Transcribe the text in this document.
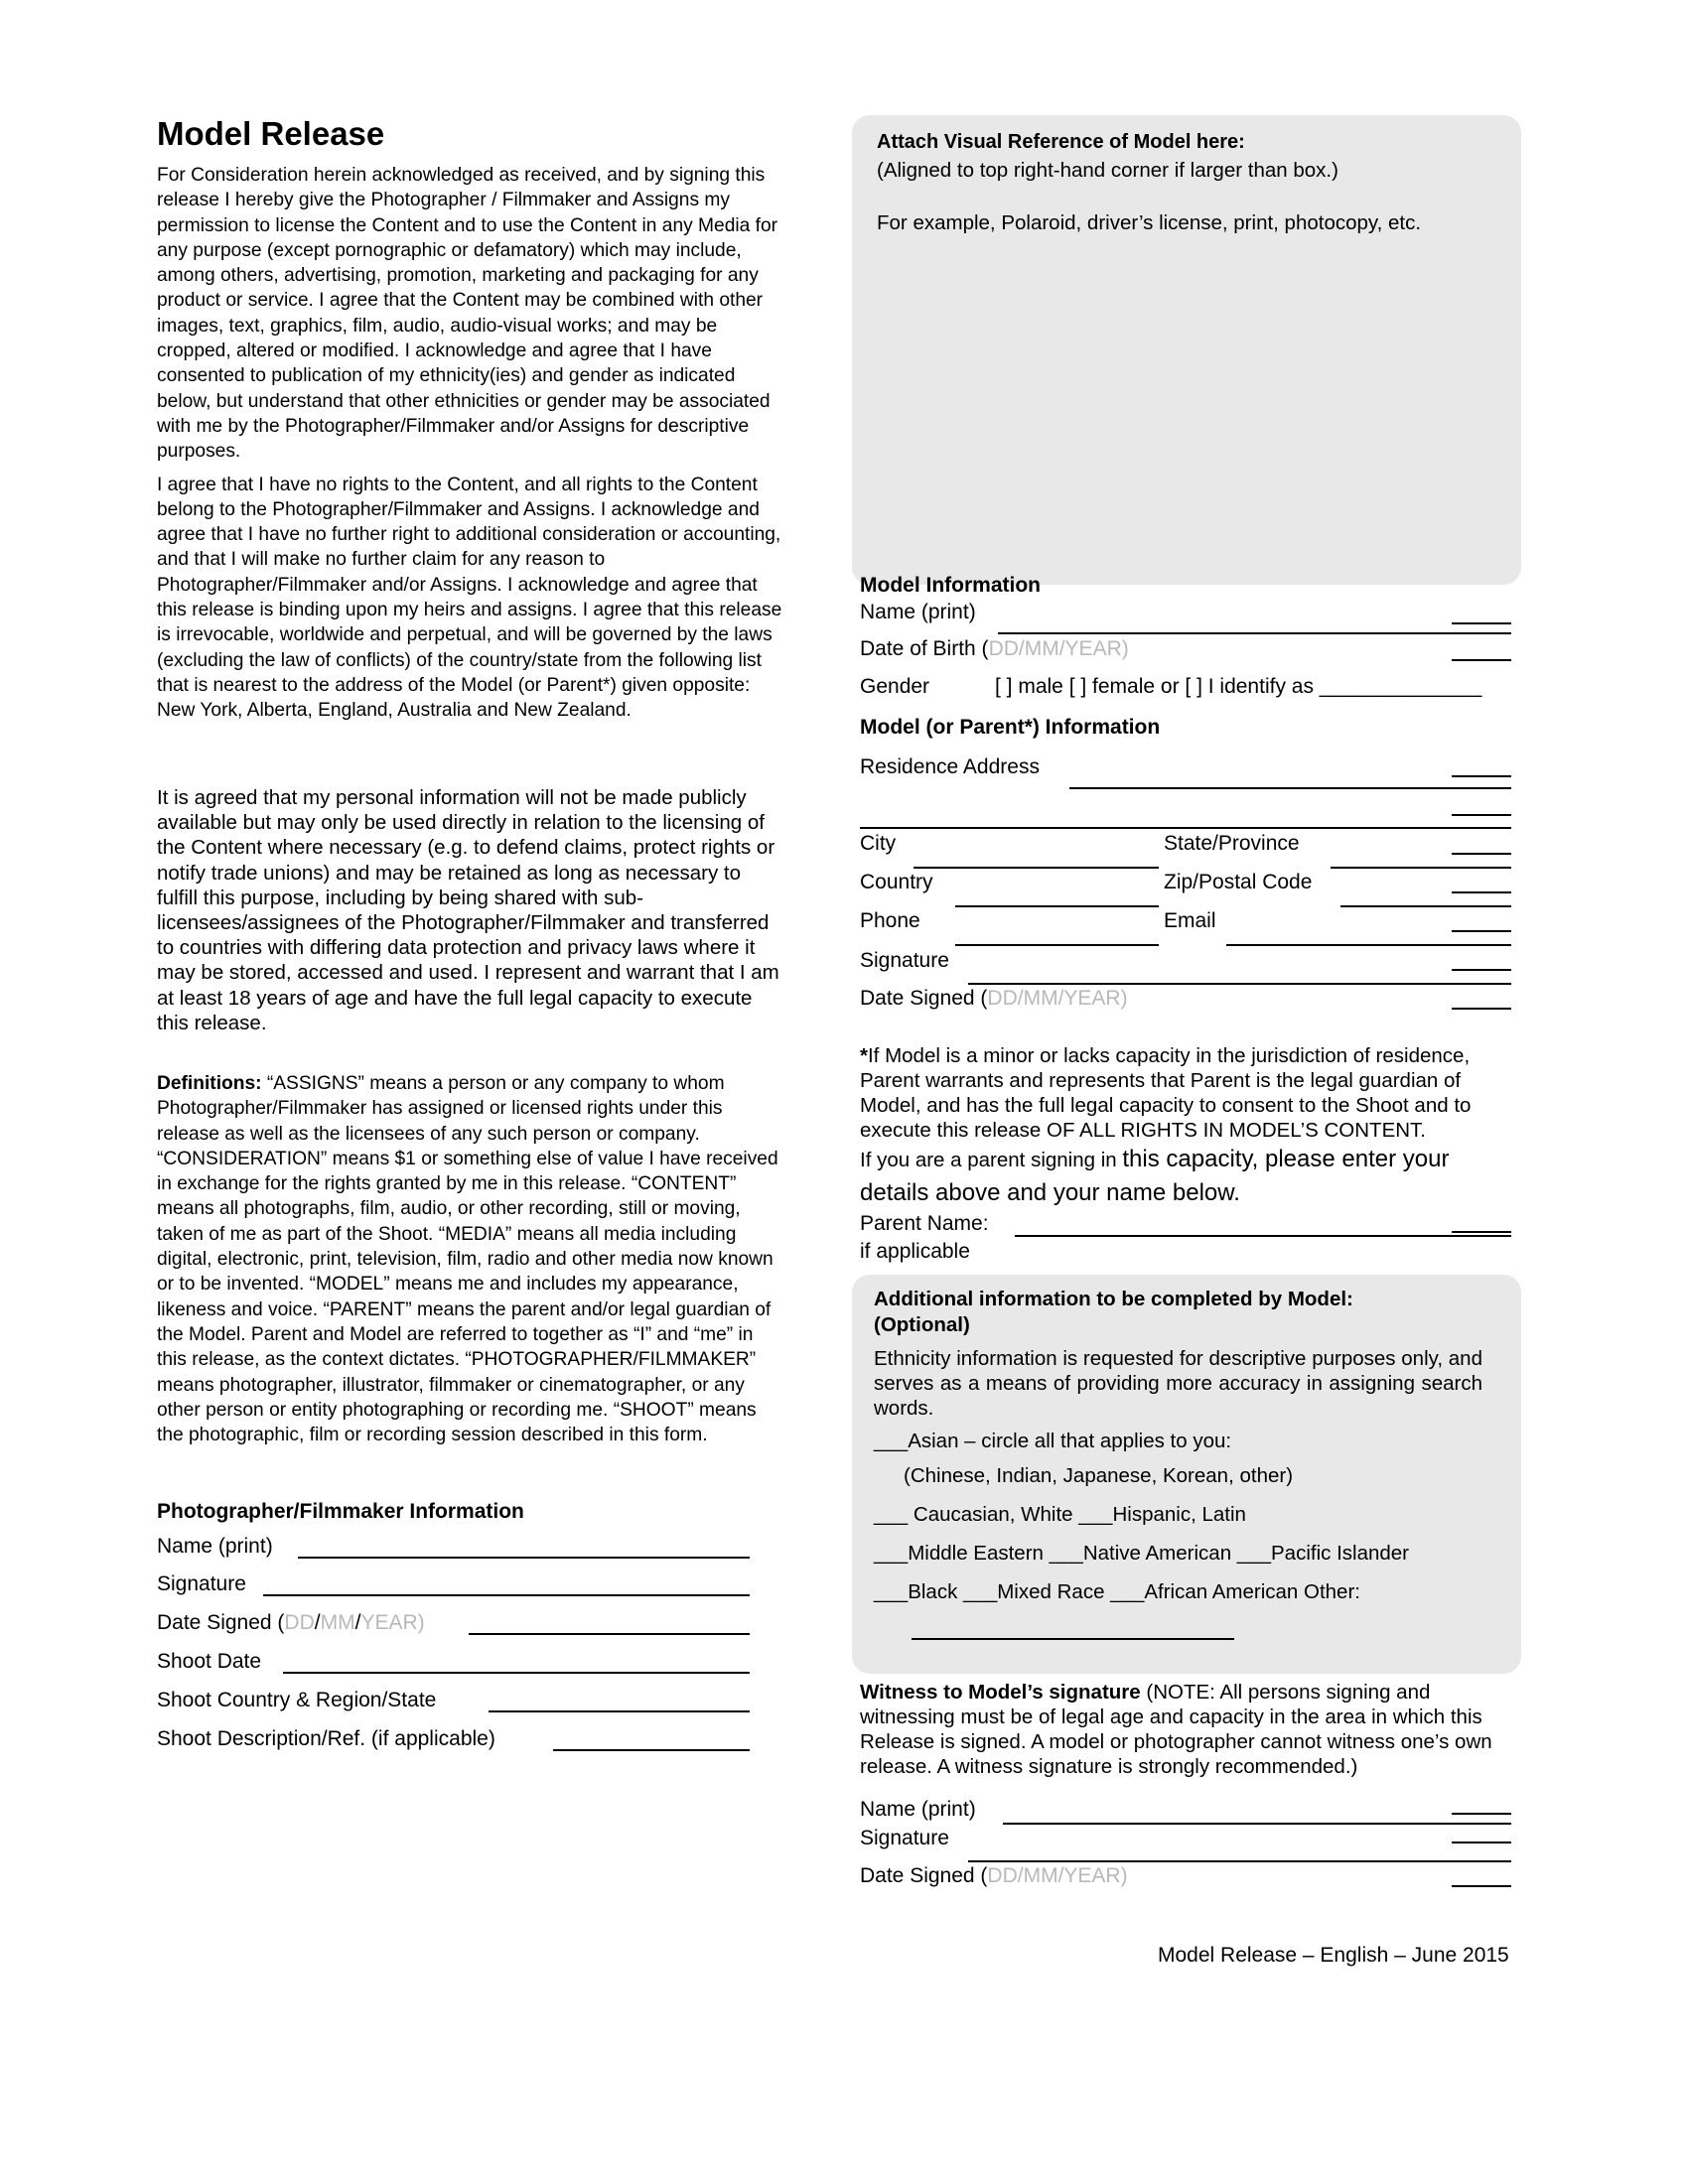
Model Release

For Consideration herein acknowledged as received, and by signing this release I hereby give the Photographer / Filmmaker and Assigns my permission to license the Content and to use the Content in any Media for any purpose (except pornographic or defamatory) which may include, among others, advertising, promotion, marketing and packaging for any product or service. I agree that the Content may be combined with other images, text, graphics, film, audio, audio-visual works; and may be cropped, altered or modified. I acknowledge and agree that I have consented to publication of my ethnicity(ies) and gender as indicated below, but understand that other ethnicities or gender may be associated with me by the Photographer/Filmmaker and/or Assigns for descriptive purposes.

I agree that I have no rights to the Content, and all rights to the Content belong to the Photographer/Filmmaker and Assigns. I acknowledge and agree that I have no further right to additional consideration or accounting, and that I will make no further claim for any reason to Photographer/Filmmaker and/or Assigns. I acknowledge and agree that this release is binding upon my heirs and assigns. I agree that this release is irrevocable, worldwide and perpetual, and will be governed by the laws (excluding the law of conflicts) of the country/state from the following list that is nearest to the address of the Model (or Parent*) given opposite: New York, Alberta, England, Australia and New Zealand.

It is agreed that my personal information will not be made publicly available but may only be used directly in relation to the licensing of the Content where necessary (e.g. to defend claims, protect rights or notify trade unions) and may be retained as long as necessary to fulfill this purpose, including by being shared with sub-licensees/assignees of the Photographer/Filmmaker and transferred to countries with differing data protection and privacy laws where it may be stored, accessed and used. I represent and warrant that I am at least 18 years of age and have the full legal capacity to execute this release.
Definitions: “ASSIGNS” means a person or any company to whom Photographer/Filmmaker has assigned or licensed rights under this release as well as the licensees of any such person or company. “CONSIDERATION” means $1 or something else of value I have received in exchange for the rights granted by me in this release. “CONTENT” means all photographs, film, audio, or other recording, still or moving, taken of me as part of the Shoot. “MEDIA” means all media including digital, electronic, print, television, film, radio and other media now known or to be invented. “MODEL” means me and includes my appearance, likeness and voice. “PARENT” means the parent and/or legal guardian of the Model. Parent and Model are referred to together as “I” and “me” in this release, as the context dictates. “PHOTOGRAPHER/FILMMAKER” means photographer, illustrator, filmmaker or cinematographer, or any other person or entity photographing or recording me. “SHOOT” means the photographic, film or recording session described in this form.
Photographer/Filmmaker Information
Name (print)
Signature
Date Signed (DD/MM/YEAR)
Shoot Date
Shoot Country & Region/State
Shoot Description/Ref. (if applicable)
Attach Visual Reference of Model here:
(Aligned to top right-hand corner if larger than box.)
For example, Polaroid, driver’s license, print, photocopy, etc.
Model Information
Name (print)
Date of Birth (DD/MM/YEAR)
Gender	[ ] male [ ] female or [ ] I identify as ______________
Model (or Parent*) Information
Residence Address
City	State/Province
Country	Zip/Postal Code
Phone	Email
Signature
Date Signed (DD/MM/YEAR)
*If Model is a minor or lacks capacity in the jurisdiction of residence, Parent warrants and represents that Parent is the legal guardian of Model, and has the full legal capacity to consent to the Shoot and to execute this release OF ALL RIGHTS IN MODEL’S CONTENT.
If you are a parent signing in this capacity, please enter your details above and your name below.
Parent Name:
if applicable
Additional information to be completed by Model:
(Optional)
Ethnicity information is requested for descriptive purposes only, and serves as a means of providing more accuracy in assigning search words.
___Asian – circle all that applies to you:
(Chinese, Indian, Japanese, Korean, other)
___ Caucasian, White ___Hispanic, Latin
___Middle Eastern ___Native American ___Pacific Islander
___Black ___Mixed Race ___African American Other:
Witness to Model’s signature (NOTE: All persons signing and witnessing must be of legal age and capacity in the area in which this Release is signed. A model or photographer cannot witness one’s own release. A witness signature is strongly recommended.)
Name (print)
Signature
Date Signed (DD/MM/YEAR)
Model Release – English – June 2015
